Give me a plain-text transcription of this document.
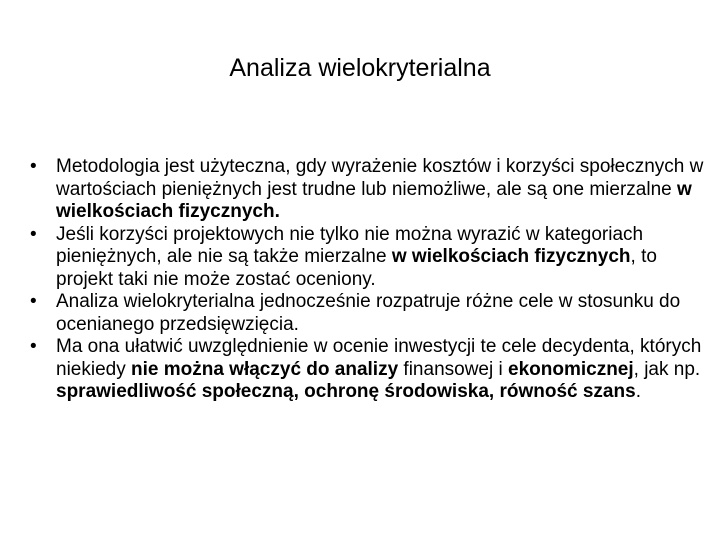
Analiza wielokryterialna
•	Metodologia jest użyteczna, gdy wyrażenie kosztów i korzyści społecznych w wartościach pieniężnych jest trudne lub niemożliwe, ale są one mierzalne w wielkościach fizycznych.
•	Jeśli korzyści projektowych nie tylko nie można wyrazić w kategoriach pieniężnych, ale nie są także mierzalne w wielkościach fizycznych, to projekt taki nie może zostać oceniony.
•	Analiza wielokryterialna jednocześnie rozpatruje różne cele w stosunku do ocenianego przedsięwzięcia.
•	Ma ona ułatwić uwzględnienie w ocenie inwestycji te cele decydenta, których niekiedy nie można włączyć do analizy finansowej i ekonomicznej, jak np. sprawiedliwość społeczną, ochronę środowiska, równość szans.
